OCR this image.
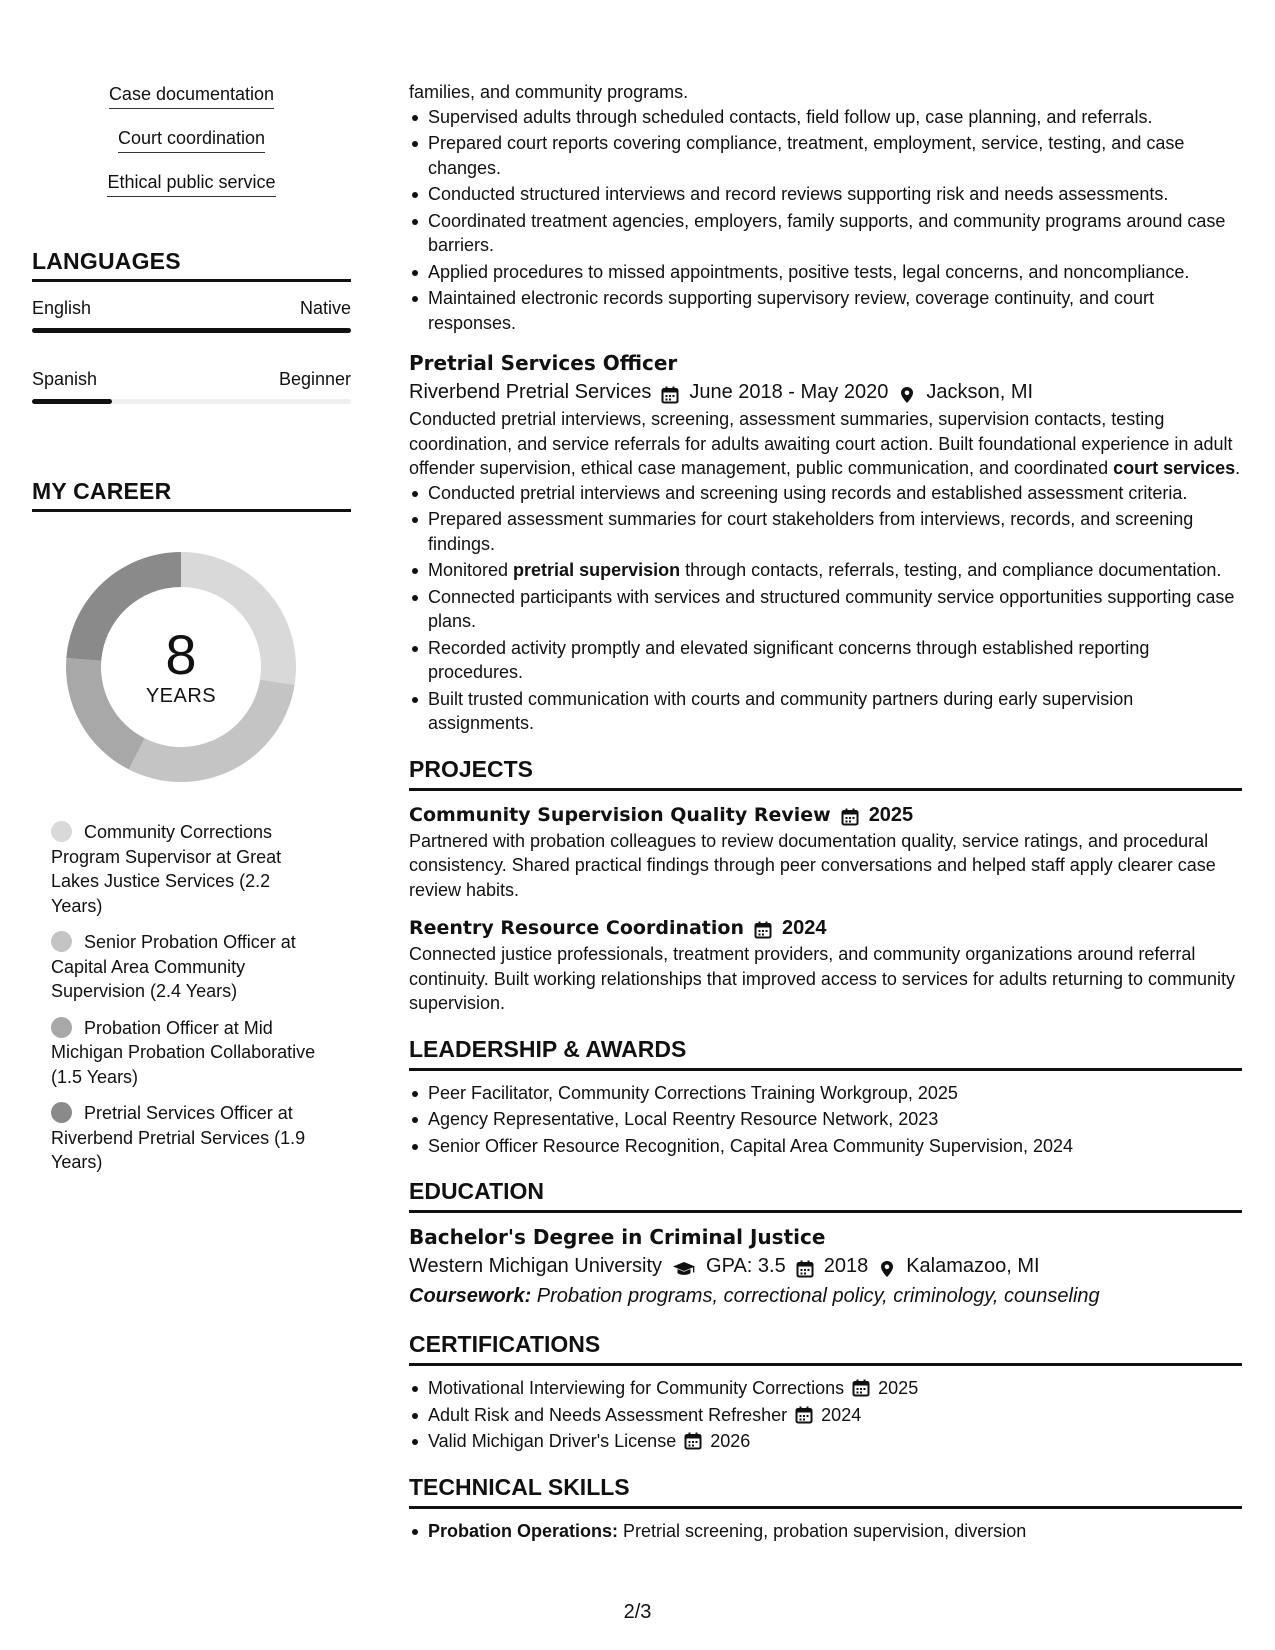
Case documentation
Court coordination
Ethical public service
LANGUAGES
English	Native
Spanish	Beginner
MY CAREER
8
YEARS
Community Corrections Program Supervisor at Great Lakes Justice Services (2.2 Years)
Senior Probation Officer at Capital Area Community Supervision (2.4 Years)
Probation Officer at Mid Michigan Probation Collaborative (1.5 Years)
Pretrial Services Officer at Riverbend Pretrial Services (1.9 Years)

families, and community programs.

Supervised adults through scheduled contacts, field follow up, case planning, and referrals.
Prepared court reports covering compliance, treatment, employment, service, testing, and case changes.
Conducted structured interviews and record reviews supporting risk and needs assessments.
Coordinated treatment agencies, employers, family supports, and community programs around case barriers.
Applied procedures to missed appointments, positive tests, legal concerns, and noncompliance.
Maintained electronic records supporting supervisory review, coverage continuity, and court responses.
Pretrial Services Officer
Riverbend Pretrial Services June 2018 - May 2020 Jackson, MI

Conducted pretrial interviews, screening, assessment summaries, supervision contacts, testing coordination, and service referrals for adults awaiting court action. Built foundational experience in adult offender supervision, ethical case management, public communication, and coordinated court services.

Conducted pretrial interviews and screening using records and established assessment criteria.
Prepared assessment summaries for court stakeholders from interviews, records, and screening findings.
Monitored pretrial supervision through contacts, referrals, testing, and compliance documentation.
Connected participants with services and structured community service opportunities supporting case plans.
Recorded activity promptly and elevated significant concerns through established reporting procedures.
Built trusted communication with courts and community partners during early supervision assignments.
PROJECTS
Community Supervision Quality Review 2025

Partnered with probation colleagues to review documentation quality, service ratings, and procedural consistency. Shared practical findings through peer conversations and helped staff apply clearer case review habits.

Reentry Resource Coordination 2024

Connected justice professionals, treatment providers, and community organizations around referral continuity. Built working relationships that improved access to services for adults returning to community supervision.

LEADERSHIP & AWARDS
Peer Facilitator, Community Corrections Training Workgroup, 2025
Agency Representative, Local Reentry Resource Network, 2023
Senior Officer Resource Recognition, Capital Area Community Supervision, 2024
EDUCATION
Bachelor's Degree in Criminal Justice
Western Michigan University GPA: 3.5 2018 Kalamazoo, MI
Coursework: Probation programs, correctional policy, criminology, counseling
CERTIFICATIONS
Motivational Interviewing for Community Corrections 2025
Adult Risk and Needs Assessment Refresher 2024
Valid Michigan Driver's License 2026
TECHNICAL SKILLS
Probation Operations: Pretrial screening, probation supervision, diversion
2/3
